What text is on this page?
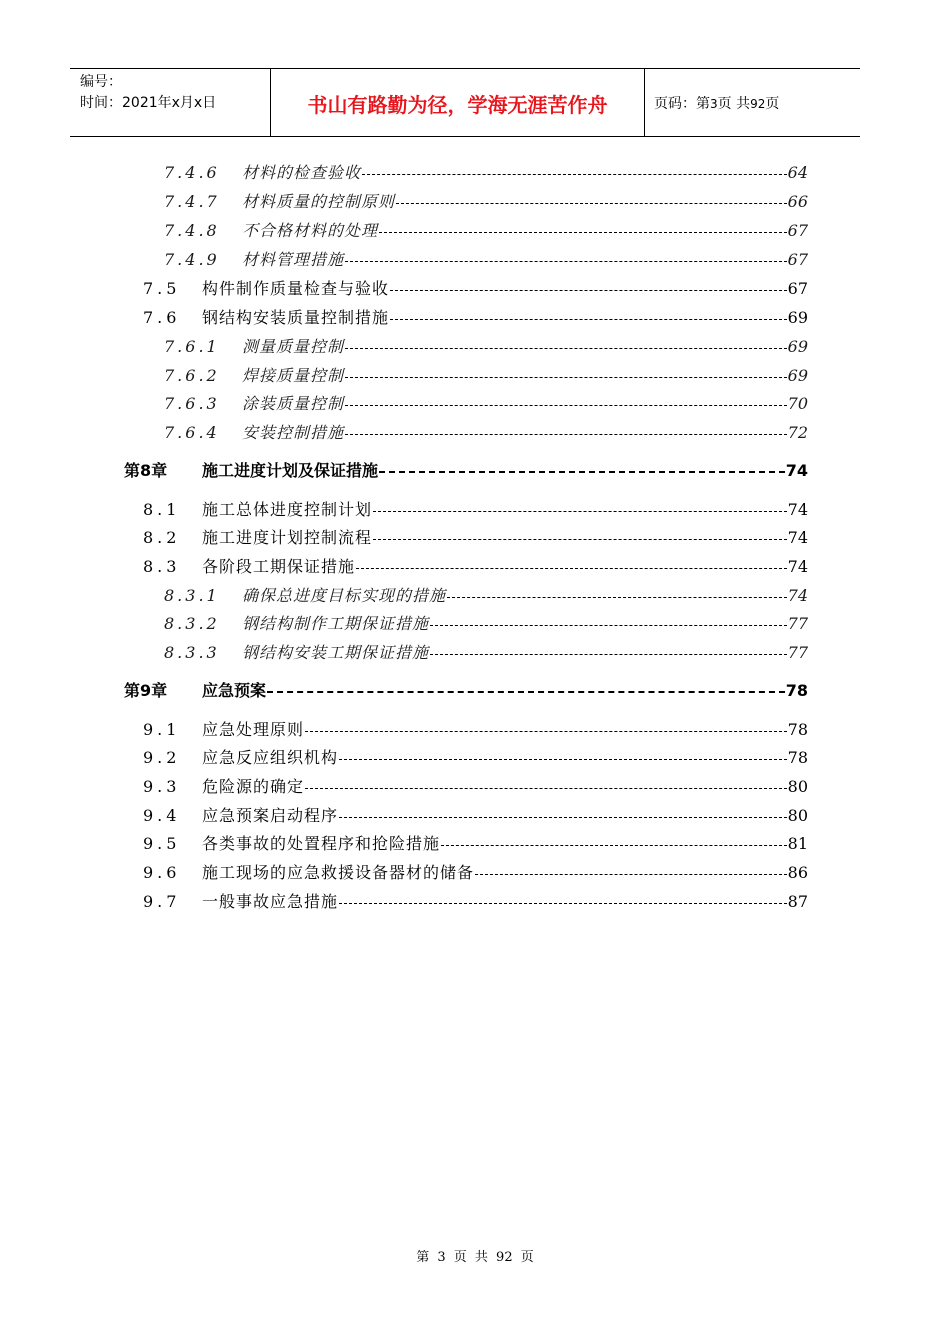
编号：
时间：2021年x月x日	书山有路勤为径，学海无涯苦作舟	页码：第3页 共92页
7.4.6 材料的检查验收	64
7.4.7 材料质量的控制原则	66
7.4.8 不合格材料的处理	67
7.4.9 材料管理措施	67
7.5 构件制作质量检查与验收	67
7.6 钢结构安装质量控制措施	69
7.6.1 测量质量控制	69
7.6.2 焊接质量控制	69
7.6.3 涂装质量控制	70
7.6.4 安装控制措施	72
第8章 施工进度计划及保证措施	74
8.1 施工总体进度控制计划	74
8.2 施工进度计划控制流程	74
8.3 各阶段工期保证措施	74
8.3.1 确保总进度目标实现的措施	74
8.3.2 钢结构制作工期保证措施	77
8.3.3 钢结构安装工期保证措施	77
第9章 应急预案	78
9.1 应急处理原则	78
9.2 应急反应组织机构	78
9.3 危险源的确定	80
9.4 应急预案启动程序	80
9.5 各类事故的处置程序和抢险措施	81
9.6 施工现场的应急救援设备器材的储备	86
9.7 一般事故应急措施	87
第 3 页 共 92 页
